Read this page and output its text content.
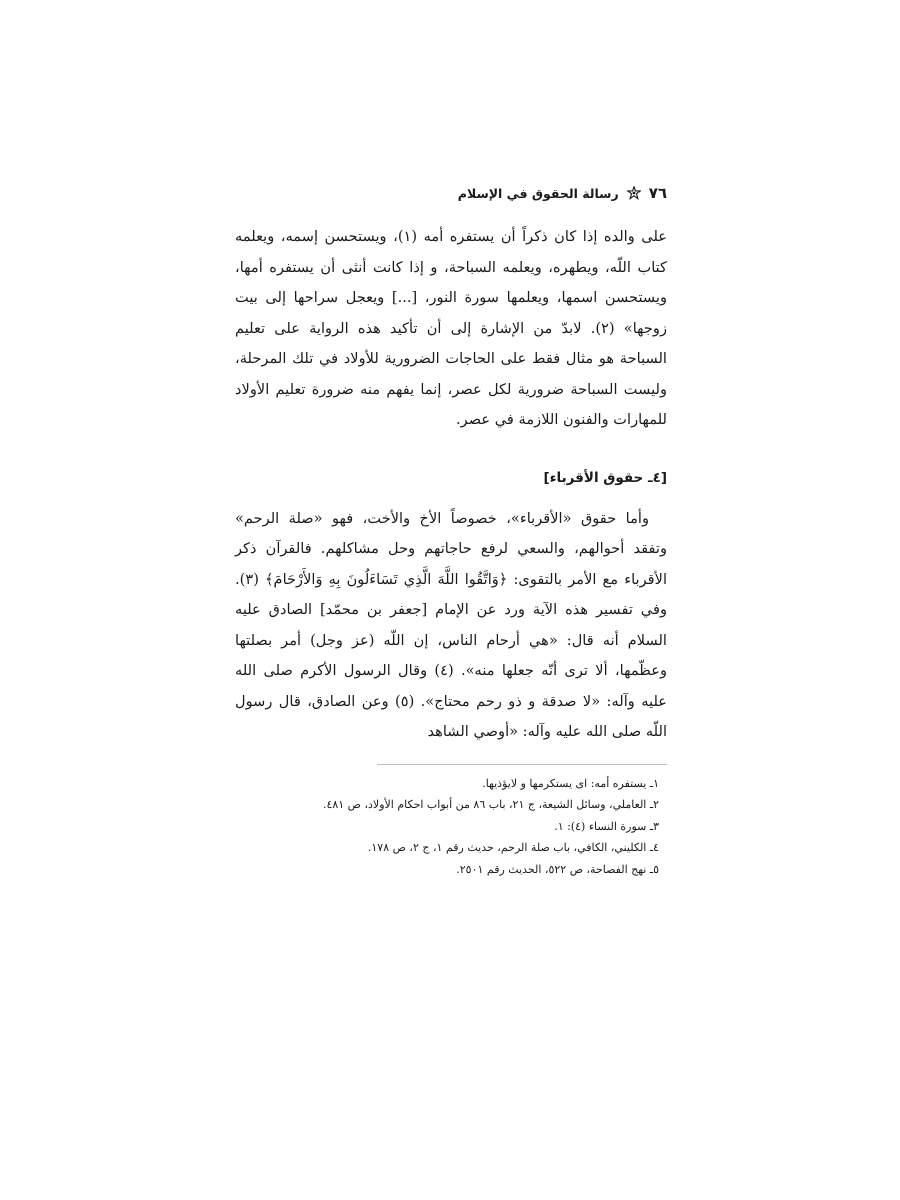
٧٦
رسالة الحقوق في الإسلام

على والده إذا كان ذكراً أن يستفره أمه (١)، ويستحسن إسمه، ويعلمه كتاب اللّه، ويطهره، ويعلمه السباحة، و إذا كانت أنثى أن يستفره أمها، ويستحسن اسمها، ويعلمها سورة النور، [...] ويعجل سراحها إلى بيت زوجها» (٢). لابدّ من الإشارة إلى أن تأكيد هذه الرواية على تعليم السباحة هو مثال فقط على الحاجات الضرورية للأولاد في تلك المرحلة، وليست السباحة ضرورية لكل عصر، إنما يفهم منه ضرورة تعليم الأولاد للمهارات والفنون اللازمة في عصر.

[٤ـ حقوق الأقرباء]

وأما حقوق «الأقرباء»، خصوصاً الأخ والأخت، فهو «صلة الرحم» وتفقد أحوالهم، والسعي لرفع حاجاتهم وحل مشاكلهم. فالقرآن ذكر الأقرباء مع الأمر بالتقوى: ﴿وَاتَّقُوا اللَّهَ الَّذِي تَسَاءَلُونَ بِهِ وَالأَرْحَامَ﴾ (٣). وفي تفسير هذه الآية ورد عن الإمام [جعفر بن محمّد] الصادق عليه السلام أنه قال: «هي أرحام الناس، إن اللّه (عز وجل) أمر بصلتها وعظّمها، ألا ترى أنّه جعلها منه». (٤) وقال الرسول الأكرم صلى الله عليه وآله: «لا صدقة و ذو رحم محتاج». (٥) وعن الصادق، قال رسول اللّه صلى الله عليه وآله: «أوصي الشاهد

١ـ يستفره أمه: اى يستكرمها و لايؤذيها.
٢ـ العاملي، وسائل الشيعة، ج ٢١، باب ٨٦ من أبواب احكام الأولاد، ص ٤٨١.
٣ـ سورة النساء (٤): ١.
٤ـ الكليني، الكافي، باب صلة الرحم، حديث رقم ١، ج ٢، ص ١٧٨.
٥ـ نهج الفصاحة، ص ٥٢٢، الحديث رقم ٢٥٠١.
